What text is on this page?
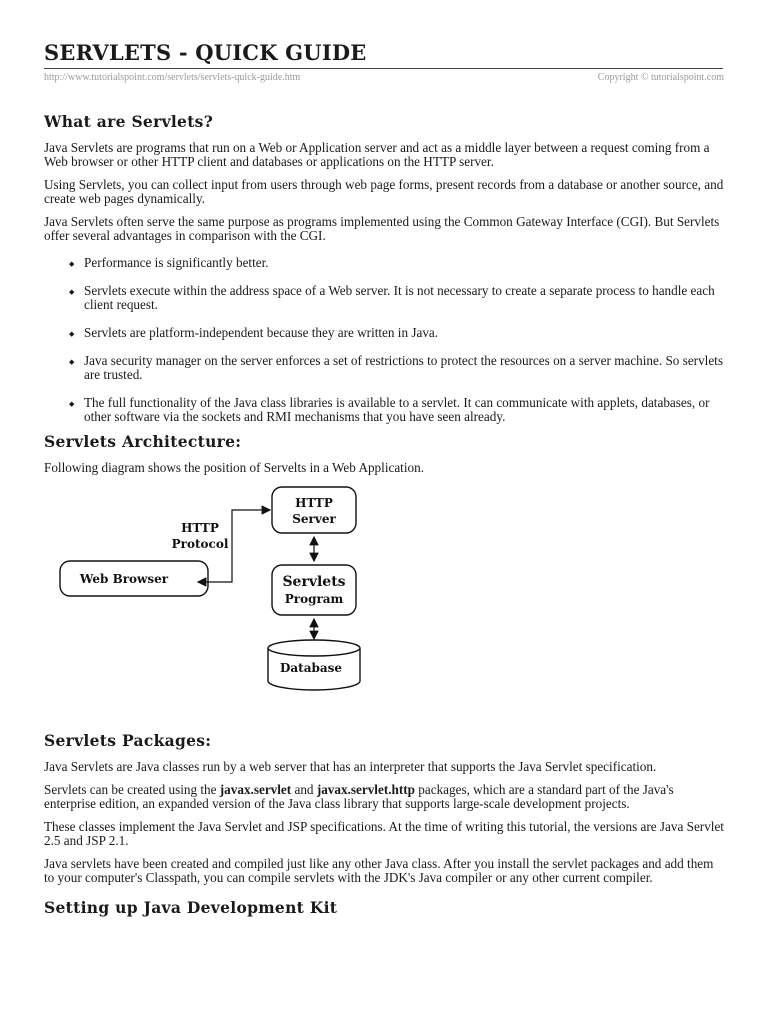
SERVLETS - QUICK GUIDE
http://www.tutorialspoint.com/servlets/servlets-quick-guide.htm	Copyright © tutorialspoint.com
What are Servlets?

Java Servlets are programs that run on a Web or Application server and act as a middle layer between a request coming from a Web browser or other HTTP client and databases or applications on the HTTP server.

Using Servlets, you can collect input from users through web page forms, present records from a database or another source, and create web pages dynamically.

Java Servlets often serve the same purpose as programs implemented using the Common Gateway Interface (CGI). But Servlets offer several advantages in comparison with the CGI.

◆ Performance is significantly better.
◆ Servlets execute within the address space of a Web server. It is not necessary to create a separate process to handle each client request.
◆ Servlets are platform-independent because they are written in Java.
◆ Java security manager on the server enforces a set of restrictions to protect the resources on a server machine. So servlets are trusted.
◆ The full functionality of the Java class libraries is available to a servlet. It can communicate with applets, databases, or other software via the sockets and RMI mechanisms that you have seen already.
Servlets Architecture:

Following diagram shows the position of Servelts in a Web Application.

HTTP
Server
HTTP
Protocol
Web Browser	Servlets
Program
Database
Servlets Packages:

Java Servlets are Java classes run by a web server that has an interpreter that supports the Java Servlet specification.

Servlets can be created using the javax.servlet and javax.servlet.http packages, which are a standard part of the Java's enterprise edition, an expanded version of the Java class library that supports large-scale development projects.

These classes implement the Java Servlet and JSP specifications. At the time of writing this tutorial, the versions are Java Servlet 2.5 and JSP 2.1.

Java servlets have been created and compiled just like any other Java class. After you install the servlet packages and add them to your computer's Classpath, you can compile servlets with the JDK's Java compiler or any other current compiler.

Setting up Java Development Kit
